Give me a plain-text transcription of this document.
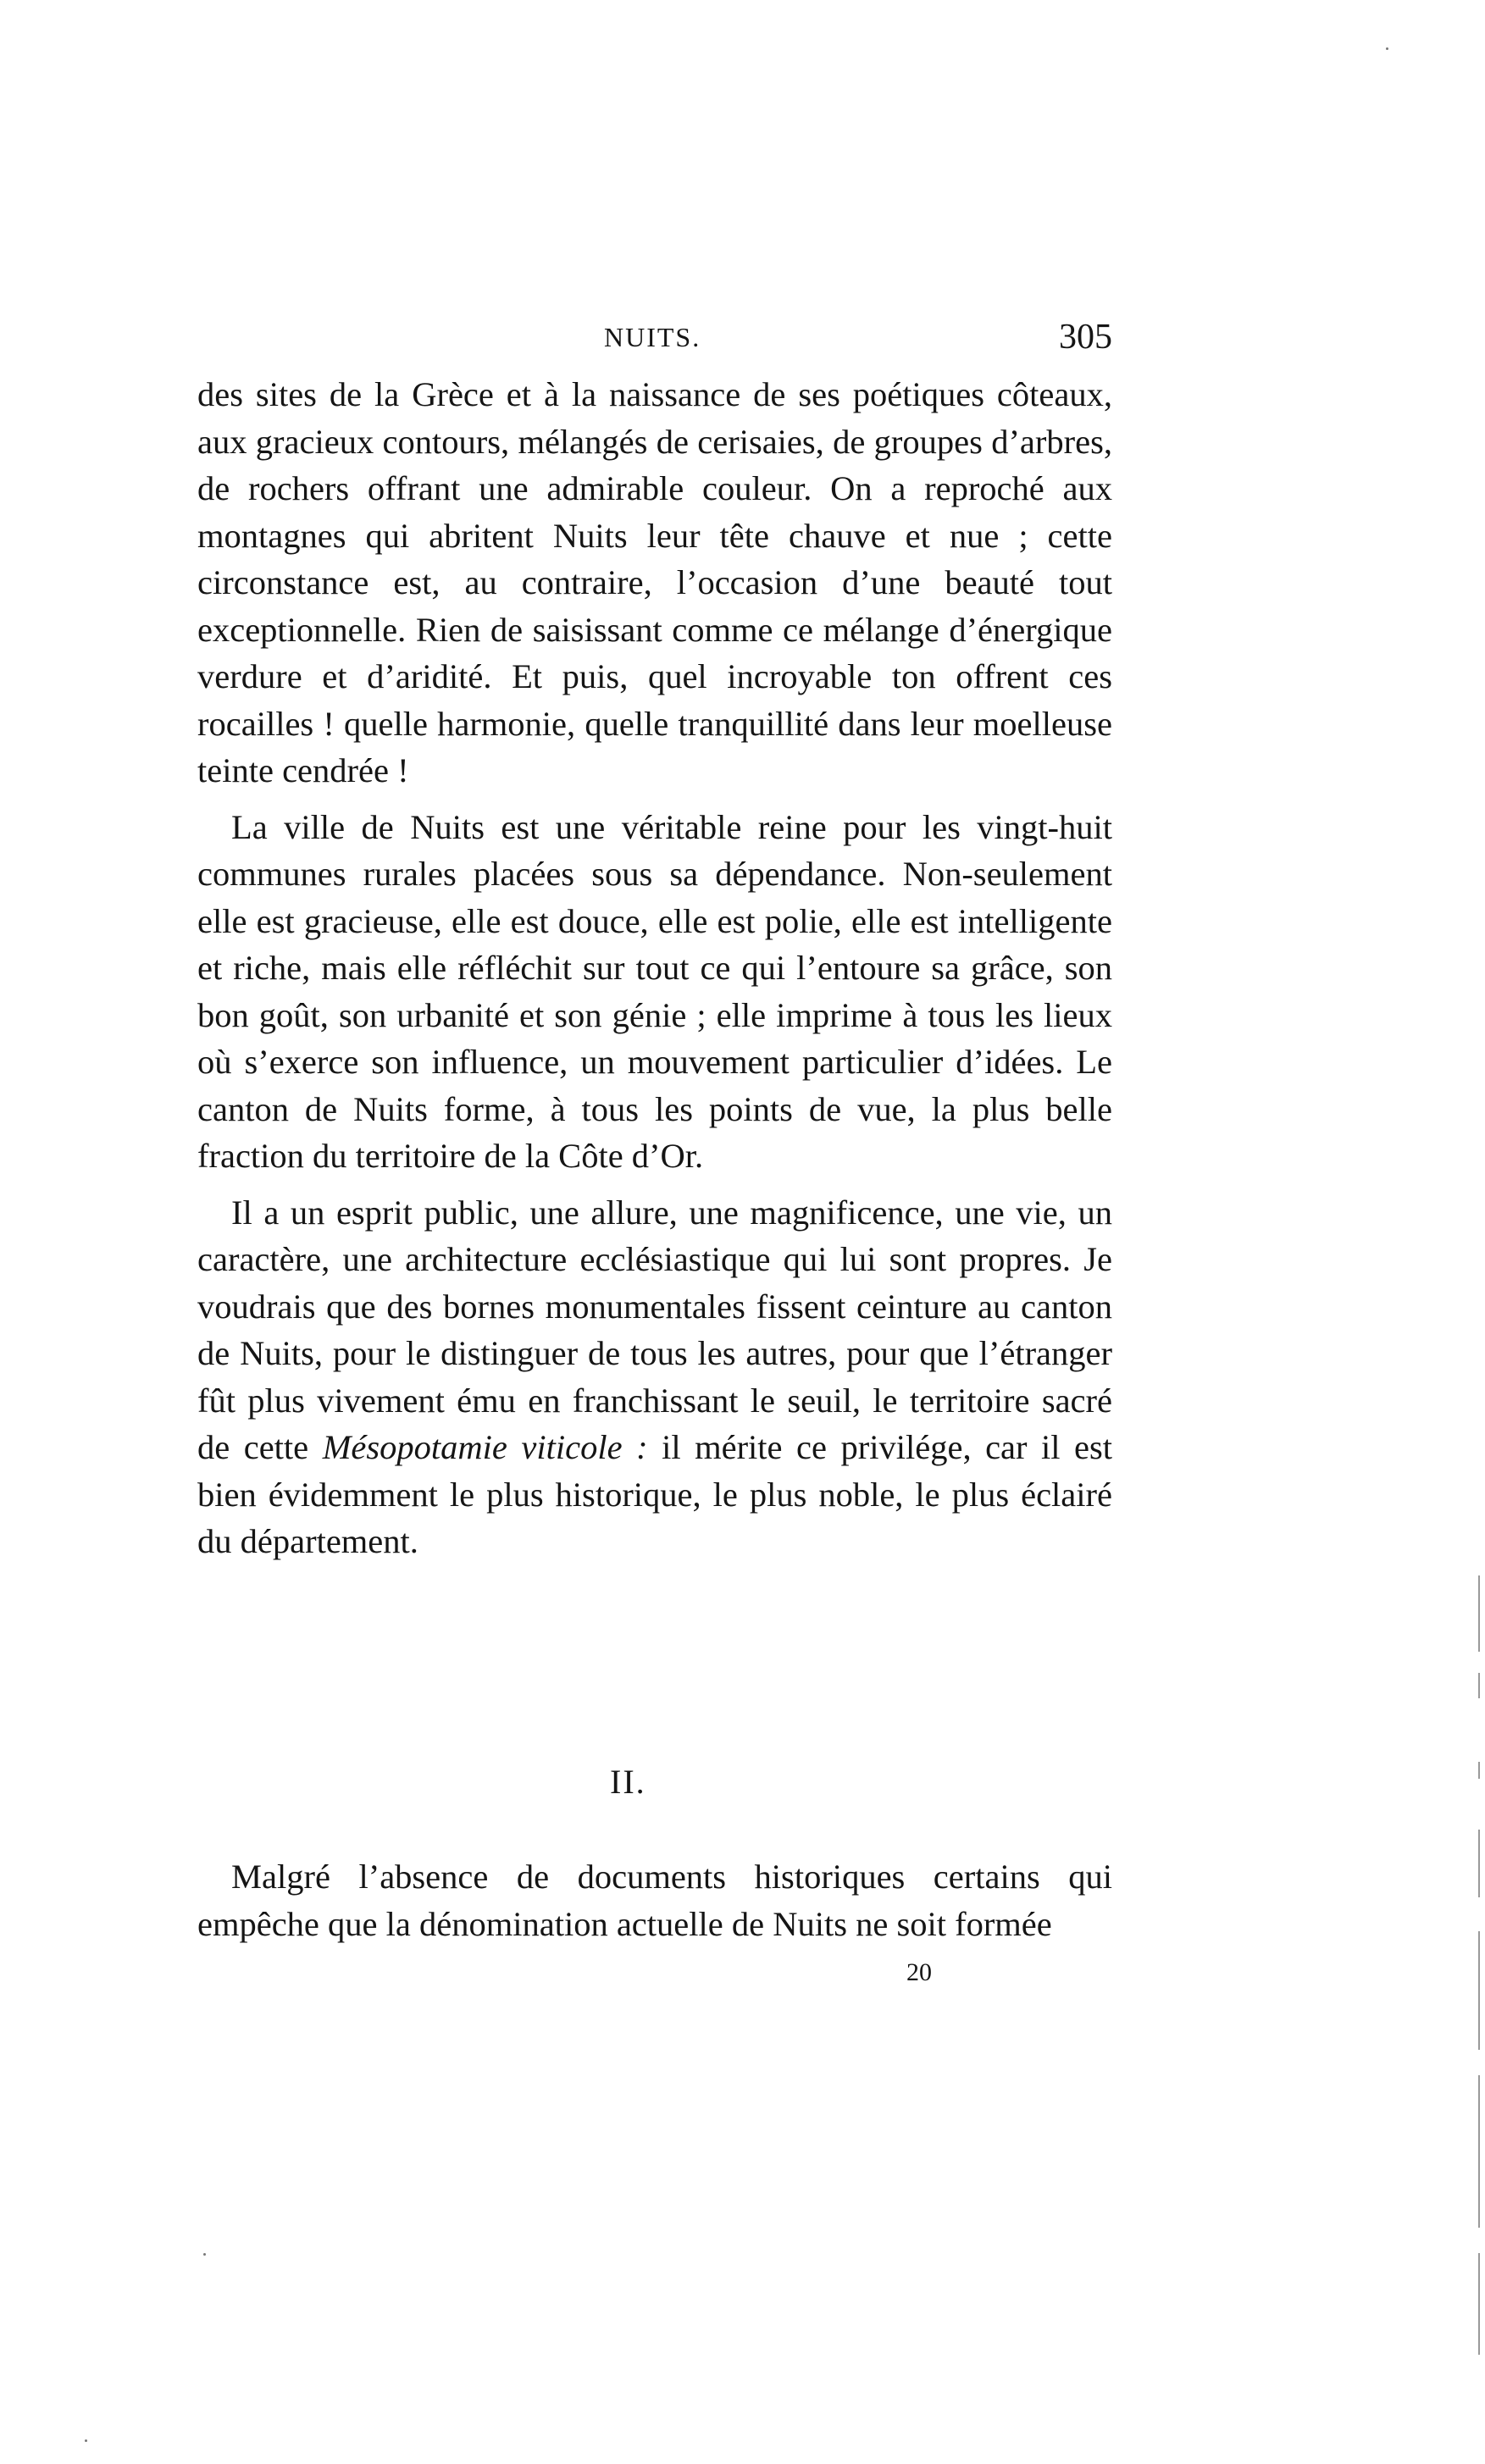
NUITS.	305

des sites de la Grèce et à la naissance de ses poétiques côteaux, aux gracieux contours, mélangés de cerisaies, de groupes d’arbres, de rochers offrant une admirable couleur. On a reproché aux montagnes qui abritent Nuits leur tête chauve et nue ; cette circonstance est, au contraire, l’occasion d’une beauté tout exceptionnelle. Rien de saisissant comme ce mélange d’énergique verdure et d’aridité. Et puis, quel incroyable ton offrent ces rocailles ! quelle harmonie, quelle tranquillité dans leur moelleuse teinte cendrée !

La ville de Nuits est une véritable reine pour les vingt-huit communes rurales placées sous sa dépendance. Non-seulement elle est gracieuse, elle est douce, elle est polie, elle est intelligente et riche, mais elle réfléchit sur tout ce qui l’entoure sa grâce, son bon goût, son urbanité et son génie ; elle imprime à tous les lieux où s’exerce son influence, un mouvement particulier d’idées. Le canton de Nuits forme, à tous les points de vue, la plus belle fraction du territoire de la Côte d’Or.

Il a un esprit public, une allure, une magnificence, une vie, un caractère, une architecture ecclésiastique qui lui sont propres. Je voudrais que des bornes monumentales fissent ceinture au canton de Nuits, pour le distinguer de tous les autres, pour que l’étranger fût plus vivement ému en franchissant le seuil, le territoire sacré de cette Mésopotamie viticole : il mérite ce privilége, car il est bien évidemment le plus historique, le plus noble, le plus éclairé du département.

II.

Malgré l’absence de documents historiques certains qui empêche que la dénomination actuelle de Nuits ne soit formée

20
